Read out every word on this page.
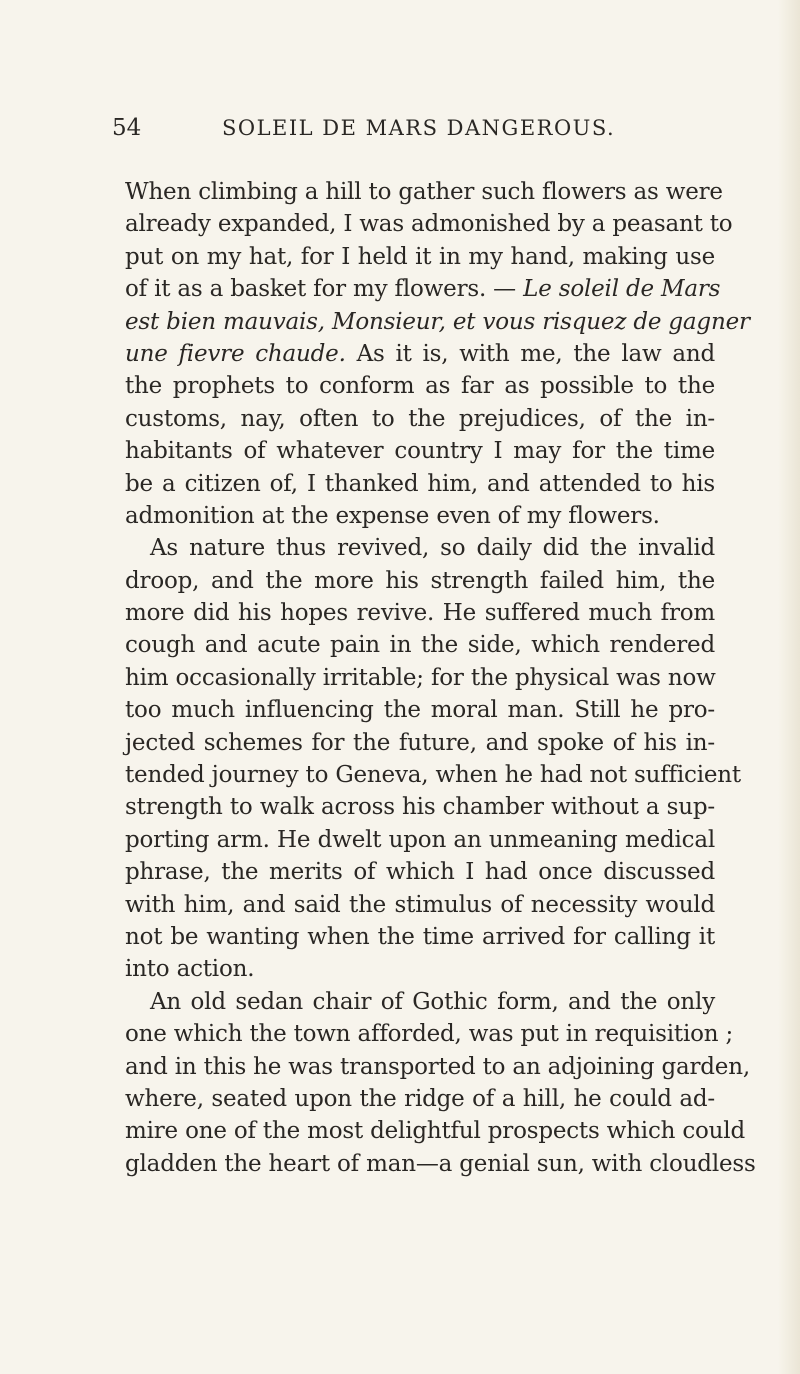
54	SOLEIL DE MARS DANGEROUS.
When climbing a hill to gather such flowers as were
already expanded, I was admonished by a peasant to
put on my hat, for I held it in my hand, making use
of it as a basket for my flowers. — Le soleil de Mars
est bien mauvais, Monsieur, et vous risquez de gagner
une fievre chaude. As it is, with me, the law and
the prophets to conform as far as possible to the
customs, nay, often to the prejudices, of the in-
habitants of whatever country I may for the time
be a citizen of, I thanked him, and attended to his
admonition at the expense even of my flowers.
As nature thus revived, so daily did the invalid
droop, and the more his strength failed him, the
more did his hopes revive. He suffered much from
cough and acute pain in the side, which rendered
him occasionally irritable; for the physical was now
too much influencing the moral man. Still he pro-
jected schemes for the future, and spoke of his in-
tended journey to Geneva, when he had not sufficient
strength to walk across his chamber without a sup-
porting arm. He dwelt upon an unmeaning medical
phrase, the merits of which I had once discussed
with him, and said the stimulus of necessity would
not be wanting when the time arrived for calling it
into action.
An old sedan chair of Gothic form, and the only
one which the town afforded, was put in requisition ;
and in this he was transported to an adjoining garden,
where, seated upon the ridge of a hill, he could ad-
mire one of the most delightful prospects which could
gladden the heart of man—a genial sun, with cloudless
